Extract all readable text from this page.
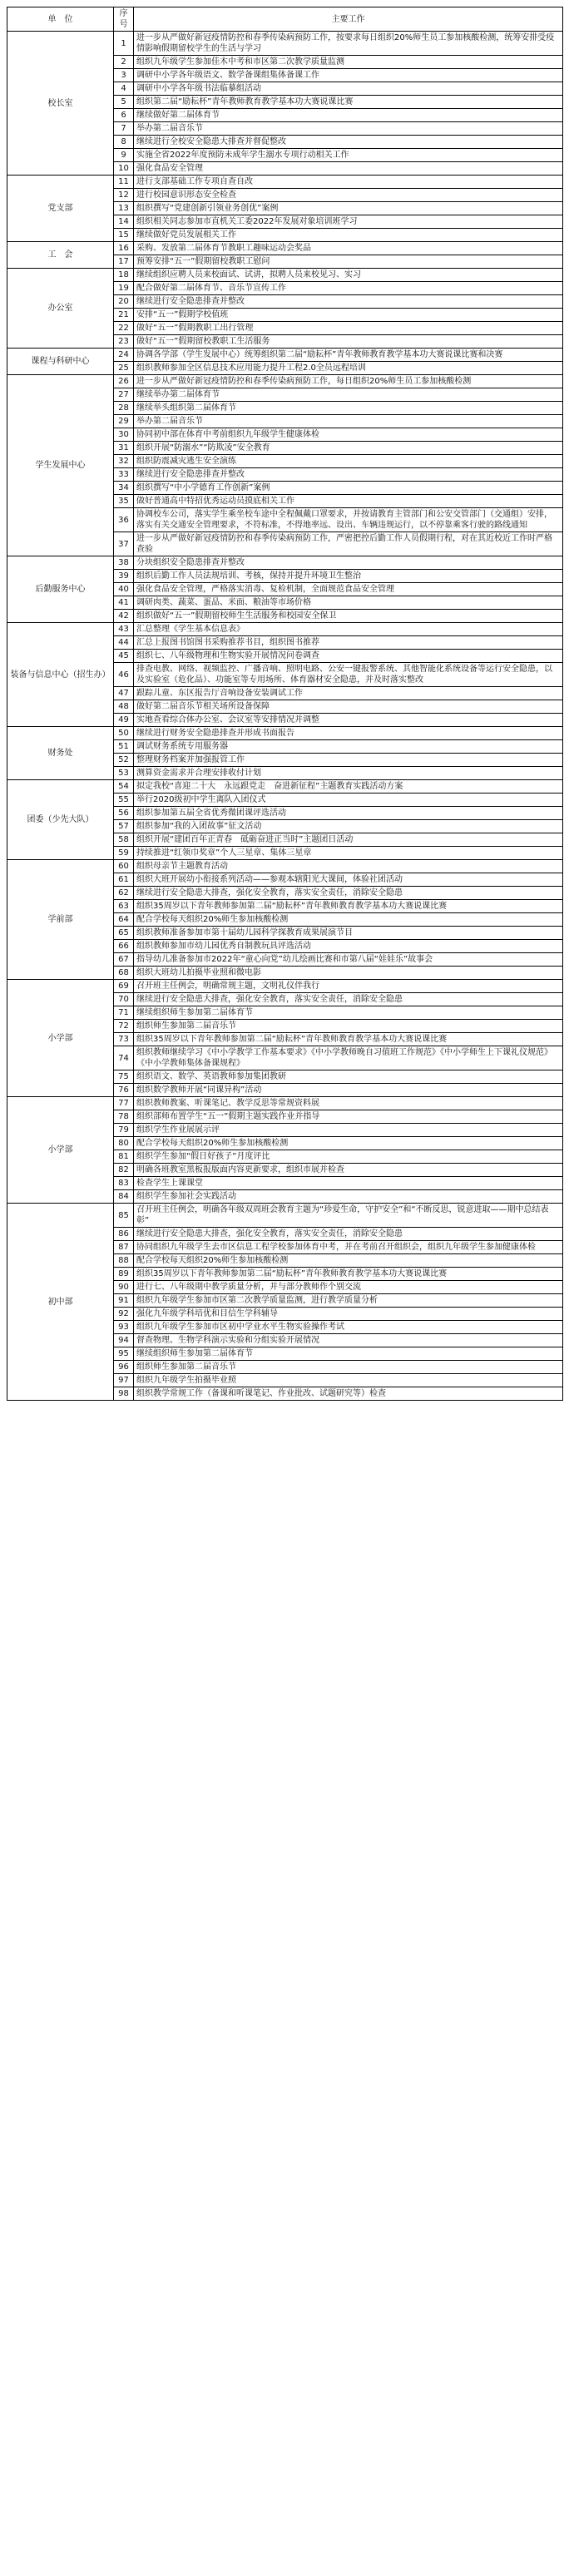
单　位	序号	主要工作
校长室	1	进一步从严做好新冠疫情防控和春季传染病预防工作，按要求每日组织20%师生员工参加核酸检测，统筹安排受疫情影响假期留校学生的生活与学习
	2	组织九年级学生参加佳木中考和市区第二次教学质量监测
	3	调研中小学各年级语文、数学备课组集体备课工作
	4	调研中小学各年级书法临摹组活动
	5	组织第二届“励耘杯”青年教师教育教学基本功大赛说课比赛
	6	继续做好第二届体育节
	7	举办第二届音乐节
	8	继续进行全校安全隐患大排查并督促整改
	9	实施全省2022年度预防未成年学生溺水专项行动相关工作
	10	强化食品安全管理
党支部	11	进行支部基础工作专项自查自改
	12	进行校园意识形态安全检查
	13	组织撰写“党建创新引领业务创优”案例
	14	组织相关同志参加市直机关工委2022年发展对象培训班学习
	15	继续做好党员发展相关工作
工　会	16	采购、发放第二届体育节教职工趣味运动会奖品
	17	预筹安排“五一”假期留校教职工慰问
办公室	18	继续组织应聘人员来校面试、试讲，拟聘人员来校见习、实习
	19	配合做好第二届体育节、音乐节宣传工作
	20	继续进行安全隐患排查并整改
	21	安排“五一”假期学校值班
	22	做好“五一”假期教职工出行管理
	23	做好“五一”假期留校教职工生活服务
课程与科研中心	24	协调各学部（学生发展中心）统筹组织第二届“励耘杯”青年教师教育教学基本功大赛说课比赛和决赛
	25	组织教师参加全区信息技术应用能力提升工程2.0全员远程培训
学生发展中心	26	进一步从严做好新冠疫情防控和春季传染病预防工作，每日组织20%师生员工参加核酸检测
	27	继续举办第二届体育节
	28	继续举头组织第二届体育节
	29	举办第二届音乐节
	30	协同初中部在体育中考前组织九年级学生健康体检
	31	组织开展“防溺水”“防欺凌”安全教育
	32	组织防震减灾逃生安全演练
	33	继续进行安全隐患排查并整改
	34	组织撰写“中小学德育工作创新”案例
	35	做好普通高中特招优秀运动员摸底相关工作
	36	协调校车公司，落实学生乘坐校车途中全程佩戴口罩要求，并按请教育主管部门和公安交管部门（交通组）安排，落实有关交通安全管理要求，不符标准，不得地率远、设出、车辆违规运行，以不停靠乘客行驶的路线通知
	37	进一步从严做好新冠疫情防控和春季传染病预防工作，严密把控后勤工作人员假期行程，对在其近校近工作时严格查验
后勤服务中心	38	分块组织安全隐患排查并整改
	39	组织后勤工作人员法规培训、考核，保持并提升环境卫生整治
	40	强化食品安全管理，严格落实消毒、复检机制，全面规范食品安全管理
	41	调研肉类、蔬菜、蛋品、米面、粮油等市场价格
	42	组织做好“五一”假期留校师生生活服务和校园安全保卫
装备与信息中心（招生办）	43	汇总整理《学生基本信息表》
	44	汇总上报图书馆图书采购推荐书目，组织图书推荐
	45	组织七、八年级物理和生物实验开展情况问卷调查
	46	排查电教、网络、视频监控、广播音响、照明电路、公安一键报警系统、其他智能化系统设备等运行安全隐患，以及实验室（危化品）、功能室等专用场所、体育器材安全隐患，并及时落实整改
	47	跟踪儿童、东区报告厅音响设备安装调试工作
	48	做好第二届音乐节相关场所设备保障
	49	实地查看综合体办公室、会议室等安排情况并调整
财务处	50	继续进行财务安全隐患排查并形成书面报告
	51	调试财务系统专用服务器
	52	整理财务档案并加强报管工作
	53	测算资金需求并合理安排收付计划
团委（少先大队）	54	拟定我校“喜迎二十大　永远跟党走　奋进新征程”主题教育实践活动方案
	55	举行2020级初中学生离队入团仪式
	56	组织参加第五届全省优秀微团课评选活动
	57	组织参加“我的入团故事”征文活动
	58	组织开展“建团百年正青春　砥砺奋进正当时”主题团日活动
	59	持续推进“红领巾奖章”个人三星章、集体三星章
学前部	60	组织母亲节主题教育活动
	61	组织大班开展幼小衔接系列活动——参观本辖阳光大课间，体验社团活动
	62	继续进行安全隐患大排查，强化安全教育，落实安全责任，消除安全隐患
	63	组织35周岁以下青年教师参加第二届“励耘杯”青年教师教育教学基本功大赛说课比赛
	64	配合学校每天组织20%师生参加核酸检测
	65	组织教师准备参加市第十届幼儿园科学探教育成果展演节目
	66	组织教师参加市幼儿园优秀自制教玩具评选活动
	67	指导幼儿准备参加市2022年“童心向党”幼儿绘画比赛和市第八届“娃娃乐”故事会
	68	组织大班幼儿拍摄毕业照和微电影
小学部	69	召开班主任例会，明确常规主题，文明礼仪伴我行
	70	继续进行安全隐患大排查，强化安全教育，落实安全责任，消除安全隐患
	71	继续组织师生参加第二届体育节
	72	组织师生参加第二届音乐节
	73	组织35周岁以下青年教师参加第二届“励耘杯”青年教师教育教学基本功大赛说课比赛
	74	组织教师继续学习《中小学教学工作基本要求》《中小学教师晚自习值班工作规范》《中小学师生上下课礼仪规范》《中小学教师集体备课规程》
	75	组织语文、数学、英语教师参加集团教研
	76	组织数学教师开展“同课异构”活动
小学部	77	组织教师教案、听课笔记、教学反思等常规资料展
	78	组织部师布置学生“五一”假期主题实践作业并指导
	79	组织学生作业展展示评
	80	配合学校每天组织20%师生参加核酸检测
	81	组织学生参加“假日好孩子”月度评比
	82	明确各班教室黑板报版面内容更新要求，组织市展并检查
	83	检查学生上课课堂
	84	组织学生参加社会实践活动
初中部	85	召开班主任例会，明确各年级双周班会教育主题为“珍爱生命，守护安全”和“不断反思，锐意进取——期中总结表彰”
	86	继续进行安全隐患大排查，强化安全教育，落实安全责任，消除安全隐患
	87	协同组织九年级学生去市区信息工程学校参加体育中考，并在考前召开组织会，组织九年级学生参加健康体检
	88	配合学校每天组织20%师生参加核酸检测
	89	组织35周岁以下青年教师参加第二届“励耘杯”青年教师教育教学基本功大赛说课比赛
	90	进行七、八年级期中教学质量分析，并与部分教师作个别交流
	91	组织九年级学生参加市区第二次教学质量监测，进行教学质量分析
	92	强化九年级学科培优和目信生学科辅导
	93	组织九年级学生参加市区初中学业水平生物实验操作考试
	94	督查物理、生物学科演示实验和分组实验开展情况
	95	继续组织师生参加第二届体育节
	96	组织师生参加第二届音乐节
	97	组织九年级学生拍摄毕业照
	98	组织教学常规工作（备课和听课笔记、作业批改、试题研究等）检查
